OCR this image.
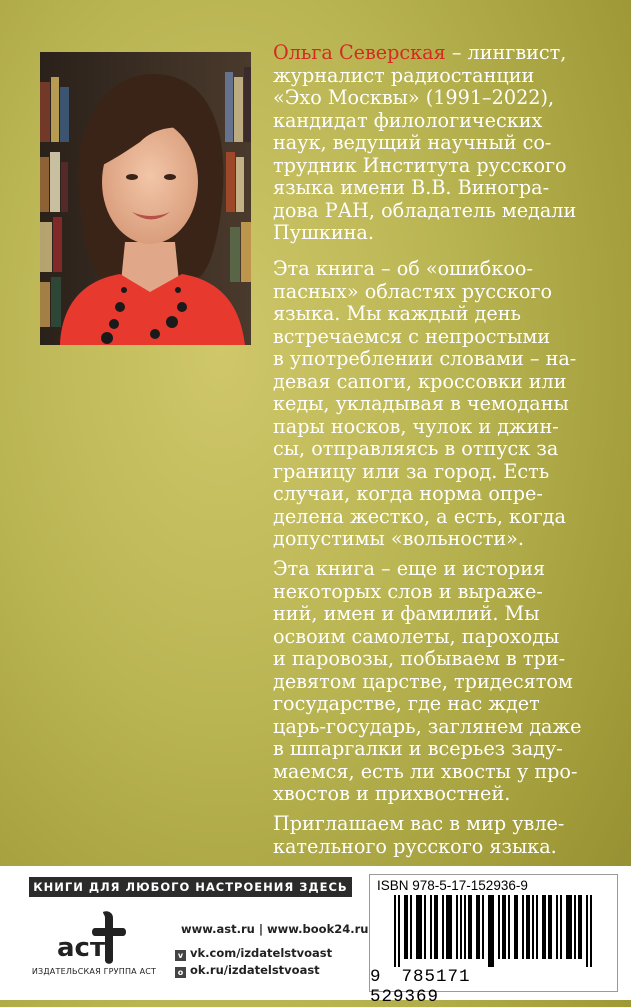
Ольга Северская – лингвист,
журналист радиостанции
«Эхо Москвы» (1991–2022),
кандидат филологических
наук, ведущий научный со-
трудник Института русского
языка имени В.В. Виногра-
дова РАН, обладатель медали
Пушкина.
Эта книга – об «ошибкоо-
пасных» областях русского
языка. Мы каждый день
встречаемся с непростыми
в употреблении словами – на-
девая сапоги, кроссовки или
кеды, укладывая в чемоданы
пары носков, чулок и джин-
сы, отправляясь в отпуск за
границу или за город. Есть
случаи, когда норма опре-
делена жестко, а есть, когда
допустимы «вольности».
Эта книга – еще и история
некоторых слов и выраже-
ний, имен и фамилий. Мы
освоим самолеты, пароходы
и паровозы, побываем в три-
девятом царстве, тридесятом
государстве, где нас ждет
царь-государь, заглянем даже
в шпаргалки и всерьез заду-
маемся, есть ли хвосты у про-
хвостов и прихвостней.
Приглашаем вас в мир увле-
кательного русского языка.
КНИГИ ДЛЯ ЛЮБОГО НАСТРОЕНИЯ ЗДЕСЬ
аст
ИЗДАТЕЛЬСКАЯ ГРУППА АСТ
www.ast.ru | www.book24.ru
v vk.com/izdatelstvoast
o ok.ru/izdatelstvoast
ISBN 978-5-17-152936-9
9 785171 529369
